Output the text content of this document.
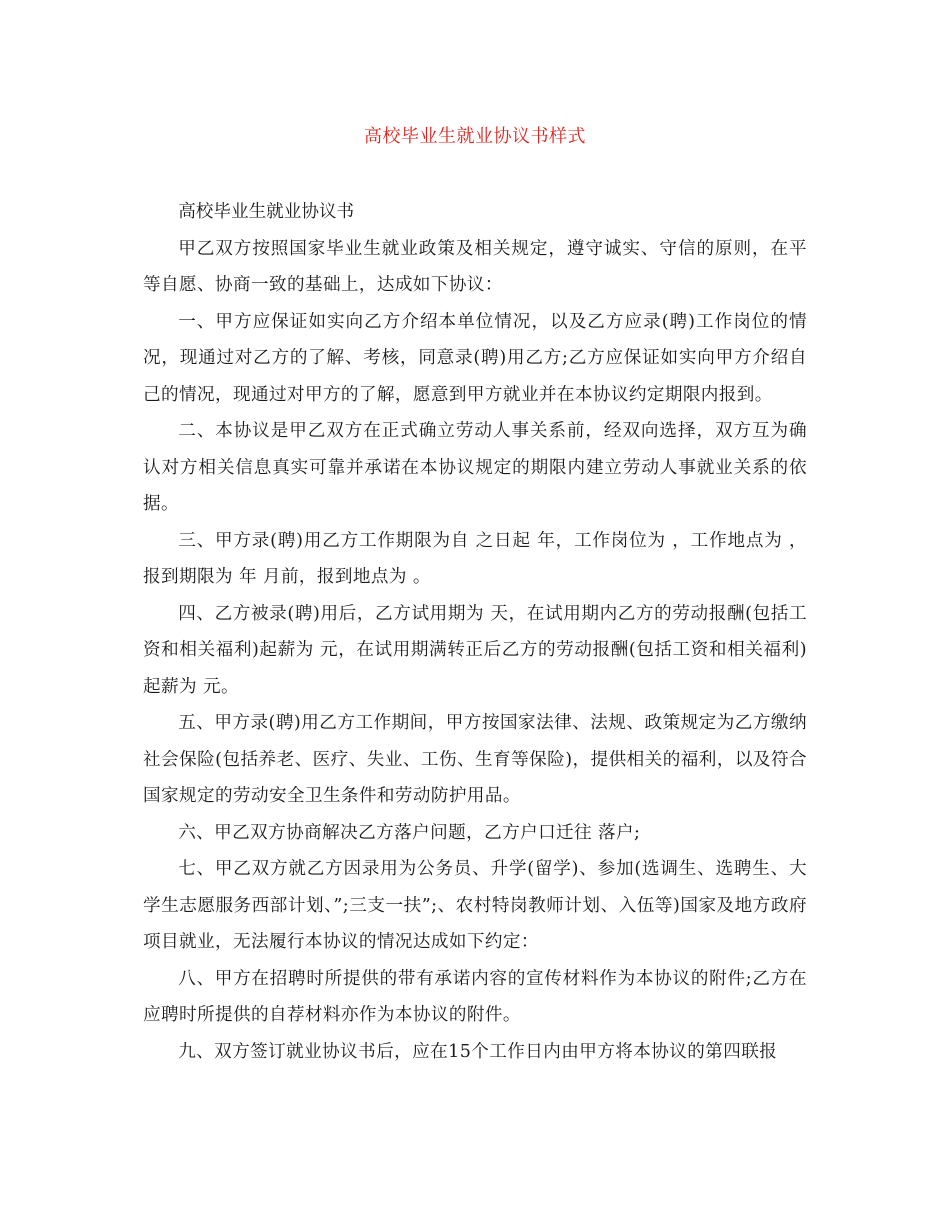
高校毕业生就业协议书样式

高校毕业生就业协议书

甲乙双方按照国家毕业生就业政策及相关规定，遵守诚实、守信的原则，在平等自愿、协商一致的基础上，达成如下协议：

一、甲方应保证如实向乙方介绍本单位情况，以及乙方应录(聘)工作岗位的情况，现通过对乙方的了解、考核，同意录(聘)用乙方;乙方应保证如实向甲方介绍自己的情况，现通过对甲方的了解，愿意到甲方就业并在本协议约定期限内报到。

二、本协议是甲乙双方在正式确立劳动人事关系前，经双向选择，双方互为确认对方相关信息真实可靠并承诺在本协议规定的期限内建立劳动人事就业关系的依据。

三、甲方录(聘)用乙方工作期限为自 之日起 年，工作岗位为 ，工作地点为 ，报到期限为 年 月前，报到地点为 。

四、乙方被录(聘)用后，乙方试用期为 天，在试用期内乙方的劳动报酬(包括工资和相关福利)起薪为 元，在试用期满转正后乙方的劳动报酬(包括工资和相关福利)起薪为 元。

五、甲方录(聘)用乙方工作期间，甲方按国家法律、法规、政策规定为乙方缴纳社会保险(包括养老、医疗、失业、工伤、生育等保险)，提供相关的福利，以及符合国家规定的劳动安全卫生条件和劳动防护用品。

六、甲乙双方协商解决乙方落户问题，乙方户口迁往 落户;

七、甲乙双方就乙方因录用为公务员、升学(留学)、参加(选调生、选聘生、大学生志愿服务西部计划、”;三支一扶”;、农村特岗教师计划、入伍等)国家及地方政府项目就业，无法履行本协议的情况达成如下约定：

八、甲方在招聘时所提供的带有承诺内容的宣传材料作为本协议的附件;乙方在应聘时所提供的自荐材料亦作为本协议的附件。

九、双方签订就业协议书后，应在15个工作日内由甲方将本协议的第四联报
